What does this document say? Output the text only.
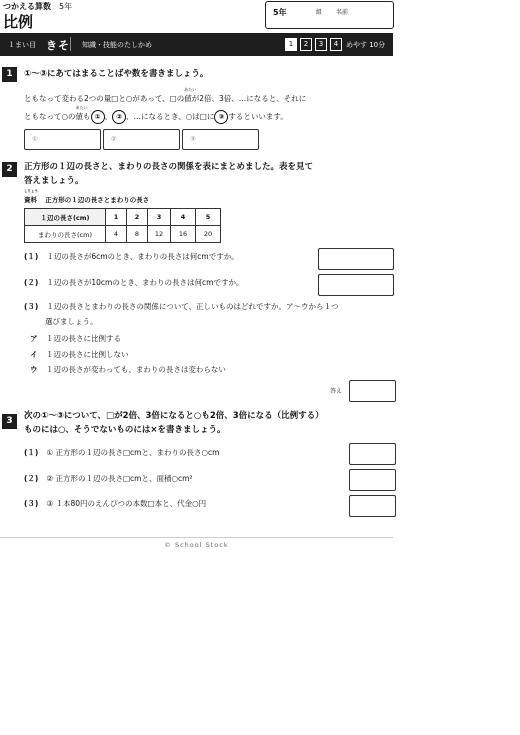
つかえる算数 5年
比例
5年	組 名前
１まい目 きそ 知識・技能のたしかめ	1	2	3	4	めやす 10分
1	①～③にあてはまることばや数を書きましょう。
ともなって変わる2つの量□と○があって、□の値
あたい
が2倍、3倍、…になると、それに
ともなって○の値
あたい
も ① 、 ② 、…になるとき、○は□に ③ するといいます。
①	②	③
2	正方形の１辺の長さと、まわりの長さの関係を表にまとめました。表を見て
答えましょう。
資料
しりょう
正方形の１辺の長さとまわりの長さ
１辺の長さ(cm)	1	2	3	4	5
まわりの長さ(cm)	4	8	12	16	20
(１) １辺の長さが6cmのとき、まわりの長さは何cmですか。
(２) １辺の長さが10cmのとき、まわりの長さは何cmですか。
(３) １辺の長さとまわりの長さの関係について、正しいものはどれですか。ア～ウから１つ
選びましょう。
ア １辺の長さに比例する
イ １辺の長さに比例しない
ウ １辺の長さが変わっても、まわりの長さは変わらない
答え
3	次の①～③について、□が2倍、3倍になると○も2倍、3倍になる（比例する）
ものには○、そうでないものには×を書きましょう。
(１) ① 正方形の１辺の長さ□cmと、まわりの長さ○cm
(２) ② 正方形の１辺の長さ□cmと、面積○cm²
(３) ③ １本80円のえんぴつの本数□本と、代金○円
© School Stock
